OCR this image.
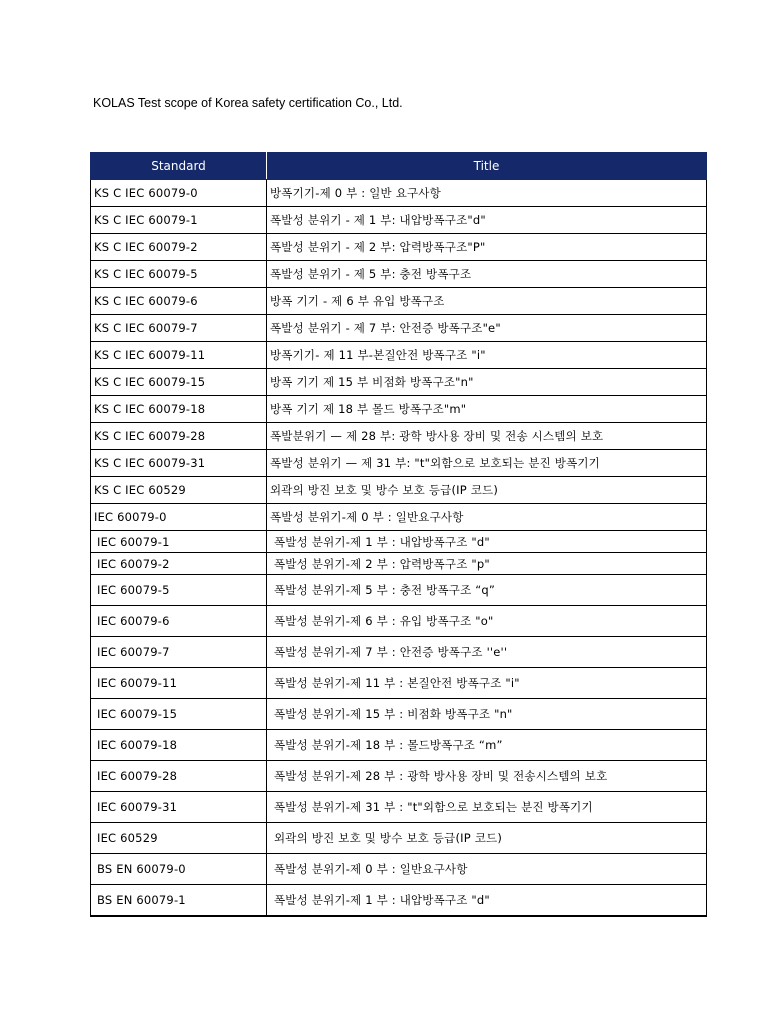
KOLAS Test scope of Korea safety certification Co., Ltd.
Standard	Title
KS C IEC 60079-0	방폭기기-제 0 부 : 일반 요구사항
KS C IEC 60079-1	폭발성 분위기 - 제 1 부: 내압방폭구조"d"
KS C IEC 60079-2	폭발성 분위기 - 제 2 부: 압력방폭구조"P"
KS C IEC 60079-5	폭발성 분위기 - 제 5 부: 충전 방폭구조
KS C IEC 60079-6	방폭 기기 - 제 6 부 유입 방폭구조
KS C IEC 60079-7	폭발성 분위기 - 제 7 부: 안전증 방폭구조"e"
KS C IEC 60079-11	방폭기기- 제 11 부-본질안전 방폭구조 "i"
KS C IEC 60079-15	방폭 기기 제 15 부 비점화 방폭구조"n"
KS C IEC 60079-18	방폭 기기 제 18 부 몰드 방폭구조"m"
KS C IEC 60079-28	폭발분위기 — 제 28 부: 광학 방사용 장비 및 전송 시스템의 보호
KS C IEC 60079-31	폭발성 분위기 — 제 31 부: "t"외함으로 보호되는 분진 방폭기기
KS C IEC 60529	외곽의 방진 보호 및 방수 보호 등급(IP 코드)
IEC 60079-0	폭발성 분위기-제 0 부 : 일반요구사항
IEC 60079-1	폭발성 분위기-제 1 부 : 내압방폭구조 "d"
IEC 60079-2	폭발성 분위기-제 2 부 : 압력방폭구조 "p"
IEC 60079-5	폭발성 분위기-제 5 부 : 충전 방폭구조 “q”
IEC 60079-6	폭발성 분위기-제 6 부 : 유입 방폭구조 "o"
IEC 60079-7	폭발성 분위기-제 7 부 : 안전증 방폭구조 ''e''
IEC 60079-11	폭발성 분위기-제 11 부 : 본질안전 방폭구조 "i"
IEC 60079-15	폭발성 분위기-제 15 부 : 비점화 방폭구조 "n"
IEC 60079-18	폭발성 분위기-제 18 부 : 몰드방폭구조 “m”
IEC 60079-28	폭발성 분위기-제 28 부 : 광학 방사용 장비 및 전송시스템의 보호
IEC 60079-31	폭발성 분위기-제 31 부 : "t"외함으로 보호되는 분진 방폭기기
IEC 60529	외곽의 방진 보호 및 방수 보호 등급(IP 코드)
BS EN 60079-0	폭발성 분위기-제 0 부 : 일반요구사항
BS EN 60079-1	폭발성 분위기-제 1 부 : 내압방폭구조 "d"
